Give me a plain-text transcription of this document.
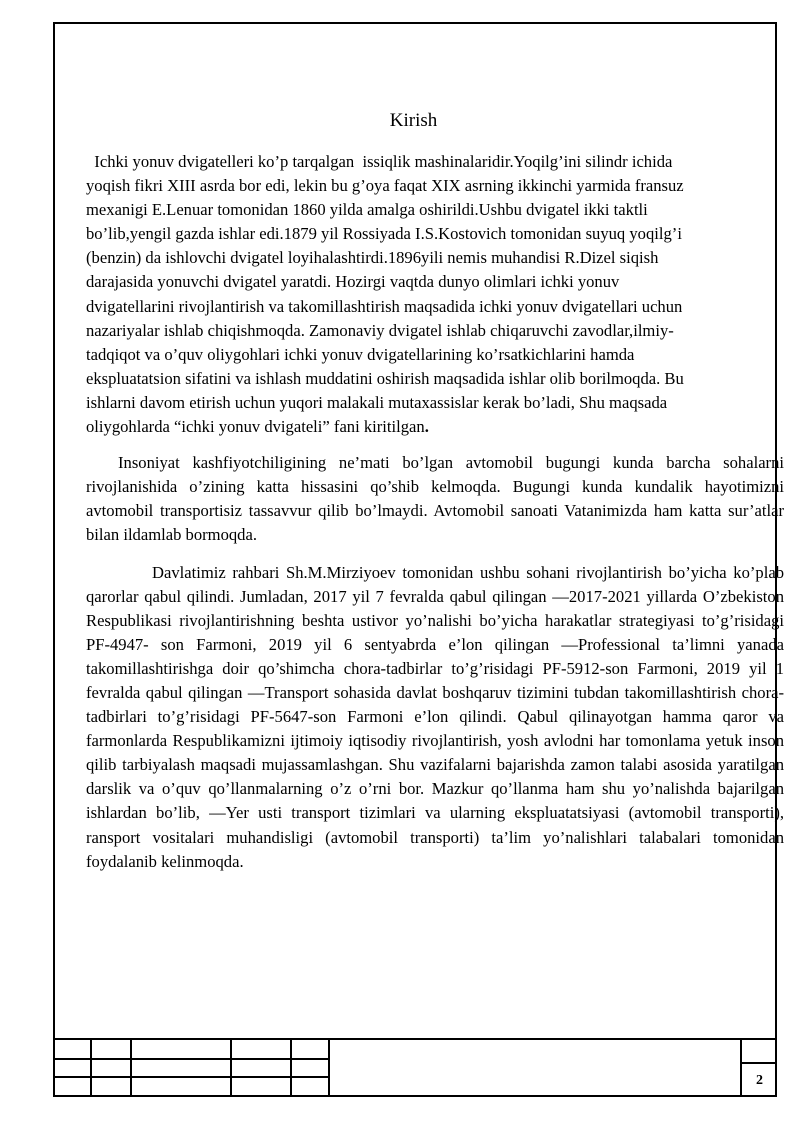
Kirish

Ichki yonuv dvigatelleri ko’p tarqalgan  issiqlik mashinalaridir.Yoqilg’ini silindr ichida yoqish fikri XIII asrda bor edi, lekin bu g’oya faqat XIX asrning ikkinchi yarmida fransuz mexanigi E.Lenuar tomonidan 1860 yilda amalga oshirildi.Ushbu dvigatel ikki taktli bo’lib,yengil gazda ishlar edi.1879 yil Rossiyada I.S.Kostovich tomonidan suyuq yoqilg’i (benzin) da ishlovchi dvigatel loyihalashtirdi.1896yili nemis muhandisi R.Dizel siqish darajasida yonuvchi dvigatel yaratdi. Hozirgi vaqtda dunyo olimlari ichki yonuv dvigatellarini rivojlantirish va takomillashtirish maqsadida ichki yonuv dvigatellari uchun nazariyalar ishlab chiqishmoqda. Zamonaviy dvigatel ishlab chiqaruvchi zavodlar,ilmiy-tadqiqot va o’quv oliygohlari ichki yonuv dvigatellarining ko’rsatkichlarini hamda ekspluatatsion sifatini va ishlash muddatini oshirish maqsadida ishlar olib borilmoqda. Bu ishlarni davom etirish uchun yuqori malakali mutaxassislar kerak bo’ladi, Shu maqsada oliygohlarda “ichki yonuv dvigateli” fani kiritilgan.

Insoniyat kashfiyotchiligining ne’mati bo’lgan avtomobil bugungi kunda barcha sohalarni rivojlanishida o’zining katta hissasini qo’shib kelmoqda. Bugungi kunda kundalik hayotimizni avtomobil transportisiz tassavvur qilib bo’lmaydi. Avtomobil sanoati Vatanimizda ham katta sur’atlar bilan ildamlab bormoqda.

Davlatimiz rahbari Sh.M.Mirziyoev tomonidan ushbu sohani rivojlantirish bo’yicha ko’plab qarorlar qabul qilindi. Jumladan, 2017 yil 7 fevralda qabul qilingan ―2017-2021 yillarda O’zbekiston Respublikasi rivojlantirishning beshta ustivor yo’nalishi bo’yicha harakatlar strategiyasi to’g’risidagi PF-4947- son Farmoni, 2019 yil 6 sentyabrda e’lon qilingan ―Professional ta’limni yanada takomillashtirishga doir qo’shimcha chora-tadbirlar to’g’risidagi PF-5912-son Farmoni, 2019 yil 1 fevralda qabul qilingan ―Transport sohasida davlat boshqaruv tizimini tubdan takomillashtirish chora-tadbirlari to’g’risidagi PF-5647-son Farmoni e’lon qilindi. Qabul qilinayotgan hamma qaror va farmonlarda Respublikamizni ijtimoiy iqtisodiy rivojlantirish, yosh avlodni har tomonlama yetuk inson qilib tarbiyalash maqsadi mujassamlashgan. Shu vazifalarni bajarishda zamon talabi asosida yaratilgan darslik va o’quv qo’llanmalarning o’z o’rni bor. Mazkur qo’llanma ham shu yo’nalishda bajarilgan ishlardan bo’lib, ―Yer usti transport tizimlari va ularning ekspluatatsiyasi (avtomobil transporti), ransport vositalari muhandisligi (avtomobil transporti) ta’lim yo’nalishlari talabalari tomonidan foydalanib kelinmoqda.

2
